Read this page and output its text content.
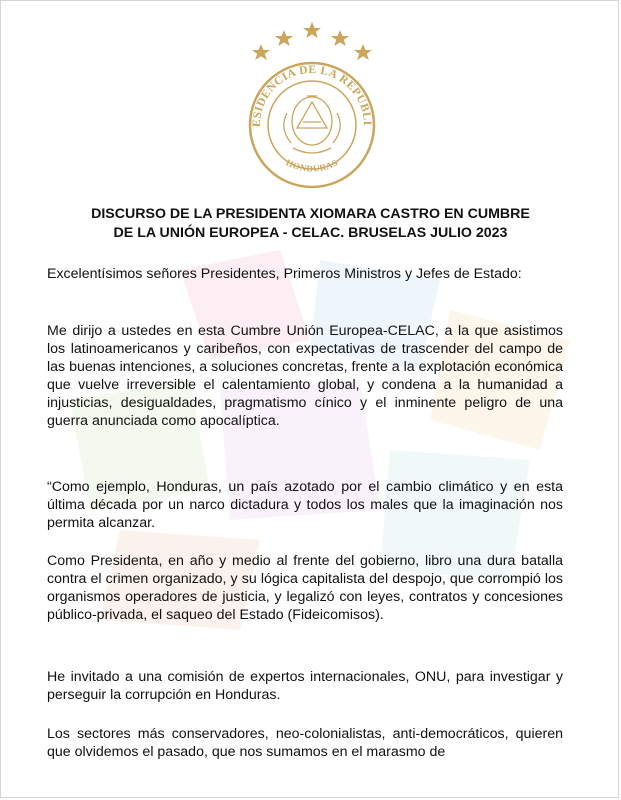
ESIDENCIA DE LA REPUBLI
HONDURAS
DISCURSO DE LA PRESIDENTA XIOMARA CASTRO EN CUMBRE
DE LA UNIÓN EUROPEA - CELAC. BRUSELAS JULIO 2023

Excelentísimos señores Presidentes, Primeros Ministros y Jefes de Estado:

Me dirijo a ustedes en esta Cumbre Unión Europea-CELAC, a la que asistimos los latinoamericanos y caribeños, con expectativas de trascender del campo de las buenas intenciones, a soluciones concretas, frente a la explotación económica que vuelve irreversible el calentamiento global, y condena a la humanidad a injusticias, desigualdades, pragmatismo cínico y el inminente peligro de una guerra anunciada como apocalíptica.

“Como ejemplo, Honduras, un país azotado por el cambio climático y en esta última década por un narco dictadura y todos los males que la imaginación nos permita alcanzar.

Como Presidenta, en año y medio al frente del gobierno, libro una dura batalla contra el crimen organizado, y su lógica capitalista del despojo, que corrompió los organismos operadores de justicia, y legalizó con leyes, contratos y concesiones público-privada, el saqueo del Estado (Fideicomisos).

He invitado a una comisión de expertos internacionales, ONU, para investigar y perseguir la corrupción en Honduras.

Los sectores más conservadores, neo-colonialistas, anti-democráticos, quieren que olvidemos el pasado, que nos sumamos en el marasmo de
